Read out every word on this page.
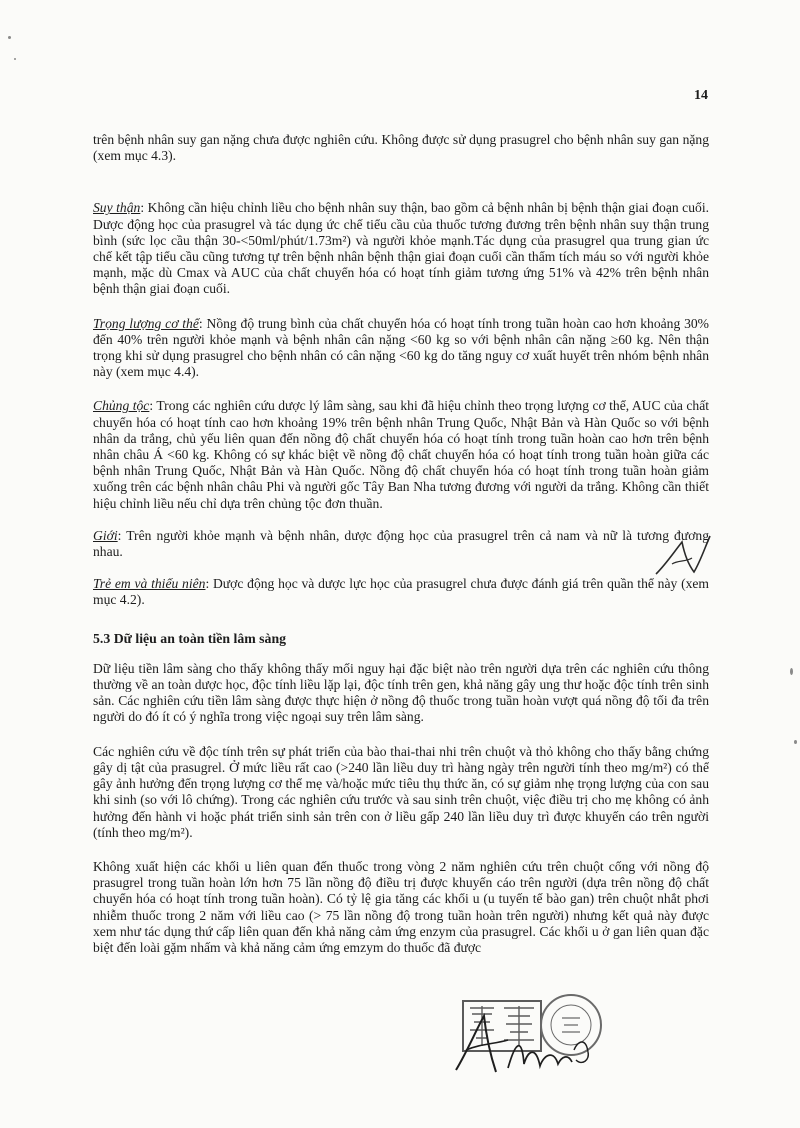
14

trên bệnh nhân suy gan nặng chưa được nghiên cứu. Không được sử dụng prasugrel cho bệnh nhân suy gan nặng (xem mục 4.3).

Suy thận: Không cần hiệu chỉnh liều cho bệnh nhân suy thận, bao gồm cả bệnh nhân bị bệnh thận giai đoạn cuối. Dược động học của prasugrel và tác dụng ức chế tiểu cầu của thuốc tương đương trên bệnh nhân suy thận trung bình (sức lọc cầu thận 30-<50ml/phút/1.73m²) và người khỏe mạnh.Tác dụng của prasugrel qua trung gian ức chế kết tập tiểu cầu cũng tương tự trên bệnh nhân bệnh thận giai đoạn cuối cần thẩm tích máu so với người khỏe mạnh, mặc dù Cmax và AUC của chất chuyển hóa có hoạt tính giảm tương ứng 51% và 42% trên bệnh nhân bệnh thận giai đoạn cuối.

Trọng lượng cơ thể: Nồng độ trung bình của chất chuyển hóa có hoạt tính trong tuần hoàn cao hơn khoảng 30% đến 40% trên người khỏe mạnh và bệnh nhân cân nặng <60 kg so với bệnh nhân cân nặng ≥60 kg. Nên thận trọng khi sử dụng prasugrel cho bệnh nhân có cân nặng <60 kg do tăng nguy cơ xuất huyết trên nhóm bệnh nhân này (xem mục 4.4).

Chủng tộc: Trong các nghiên cứu dược lý lâm sàng, sau khi đã hiệu chỉnh theo trọng lượng cơ thể, AUC của chất chuyển hóa có hoạt tính cao hơn khoảng 19% trên bệnh nhân Trung Quốc, Nhật Bản và Hàn Quốc so với bệnh nhân da trắng, chủ yếu liên quan đến nồng độ chất chuyển hóa có hoạt tính trong tuần hoàn cao hơn trên bệnh nhân châu Á <60 kg. Không có sự khác biệt về nồng độ chất chuyển hóa có hoạt tính trong tuần hoàn giữa các bệnh nhân Trung Quốc, Nhật Bản và Hàn Quốc. Nồng độ chất chuyển hóa có hoạt tính trong tuần hoàn giảm xuống trên các bệnh nhân châu Phi và người gốc Tây Ban Nha tương đương với người da trắng. Không cần thiết hiệu chỉnh liều nếu chỉ dựa trên chủng tộc đơn thuần.

Giới: Trên người khỏe mạnh và bệnh nhân, dược động học của prasugrel trên cả nam và nữ là tương đương nhau.

Trẻ em và thiếu niên: Dược động học và dược lực học của prasugrel chưa được đánh giá trên quần thể này (xem mục 4.2).

5.3 Dữ liệu an toàn tiền lâm sàng

Dữ liệu tiền lâm sàng cho thấy không thấy mối nguy hại đặc biệt nào trên người dựa trên các nghiên cứu thông thường về an toàn dược học, độc tính liều lặp lại, độc tính trên gen, khả năng gây ung thư hoặc độc tính trên sinh sản. Các nghiên cứu tiền lâm sàng được thực hiện ở nồng độ thuốc trong tuần hoàn vượt quá nồng độ tối đa trên người do đó ít có ý nghĩa trong việc ngoại suy trên lâm sàng.

Các nghiên cứu về độc tính trên sự phát triển của bào thai-thai nhi trên chuột và thỏ không cho thấy bằng chứng gây dị tật của prasugrel. Ở mức liều rất cao (>240 lần liều duy trì hàng ngày trên người tính theo mg/m²) có thể gây ảnh hưởng đến trọng lượng cơ thể mẹ và/hoặc mức tiêu thụ thức ăn, có sự giảm nhẹ trọng lượng của con sau khi sinh (so với lô chứng). Trong các nghiên cứu trước và sau sinh trên chuột, việc điều trị cho mẹ không có ảnh hưởng đến hành vi hoặc phát triển sinh sản trên con ở liều gấp 240 lần liều duy trì được khuyến cáo trên người (tính theo mg/m²).

Không xuất hiện các khối u liên quan đến thuốc trong vòng 2 năm nghiên cứu trên chuột cống với nồng độ prasugrel trong tuần hoàn lớn hơn 75 lần nồng độ điều trị được khuyến cáo trên người (dựa trên nồng độ chất chuyển hóa có hoạt tính trong tuần hoàn). Có tỷ lệ gia tăng các khối u (u tuyến tế bào gan) trên chuột nhắt phơi nhiễm thuốc trong 2 năm với liều cao (> 75 lần nồng độ trong tuần hoàn trên người) nhưng kết quả này được xem như tác dụng thứ cấp liên quan đến khả năng cảm ứng enzym của prasugrel. Các khối u ở gan liên quan đặc biệt đến loài gặm nhấm và khả năng cảm ứng emzym do thuốc đã được
